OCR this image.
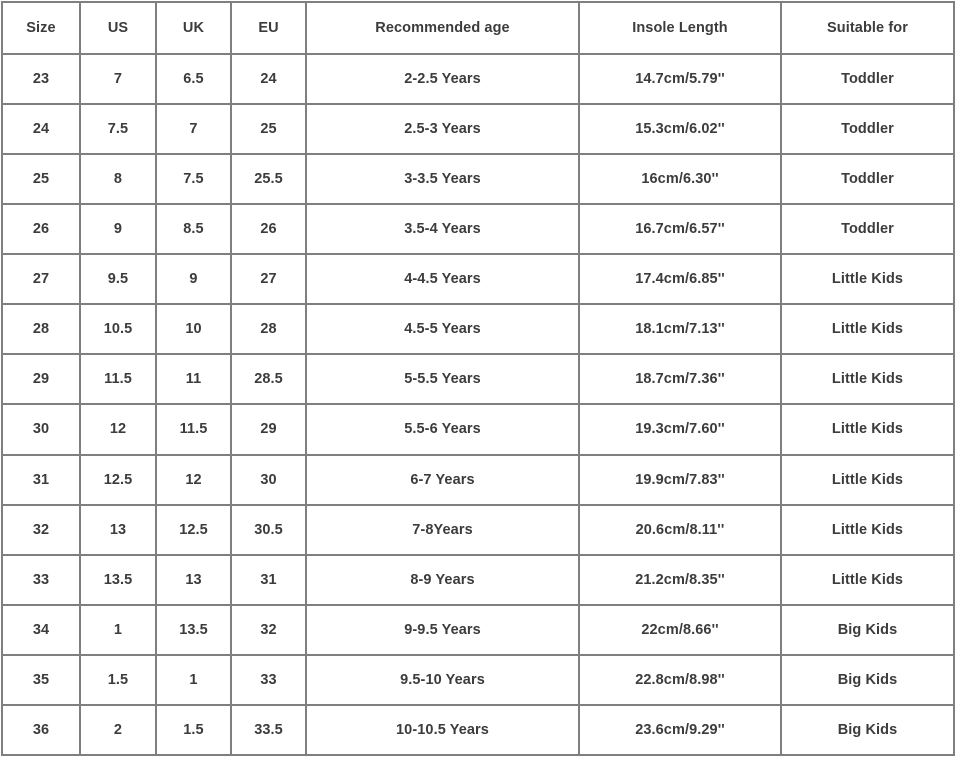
Size	US	UK	EU	Recommended age	Insole Length	Suitable for
23	7	6.5	24	2-2.5 Years	14.7cm/5.79''	Toddler
24	7.5	7	25	2.5-3 Years	15.3cm/6.02''	Toddler
25	8	7.5	25.5	3-3.5 Years	16cm/6.30''	Toddler
26	9	8.5	26	3.5-4 Years	16.7cm/6.57''	Toddler
27	9.5	9	27	4-4.5 Years	17.4cm/6.85''	Little Kids
28	10.5	10	28	4.5-5 Years	18.1cm/7.13''	Little Kids
29	11.5	11	28.5	5-5.5 Years	18.7cm/7.36''	Little Kids
30	12	11.5	29	5.5-6 Years	19.3cm/7.60''	Little Kids
31	12.5	12	30	6-7 Years	19.9cm/7.83''	Little Kids
32	13	12.5	30.5	7-8Years	20.6cm/8.11''	Little Kids
33	13.5	13	31	8-9 Years	21.2cm/8.35''	Little Kids
34	1	13.5	32	9-9.5 Years	22cm/8.66''	Big Kids
35	1.5	1	33	9.5-10 Years	22.8cm/8.98''	Big Kids
36	2	1.5	33.5	10-10.5 Years	23.6cm/9.29''	Big Kids
